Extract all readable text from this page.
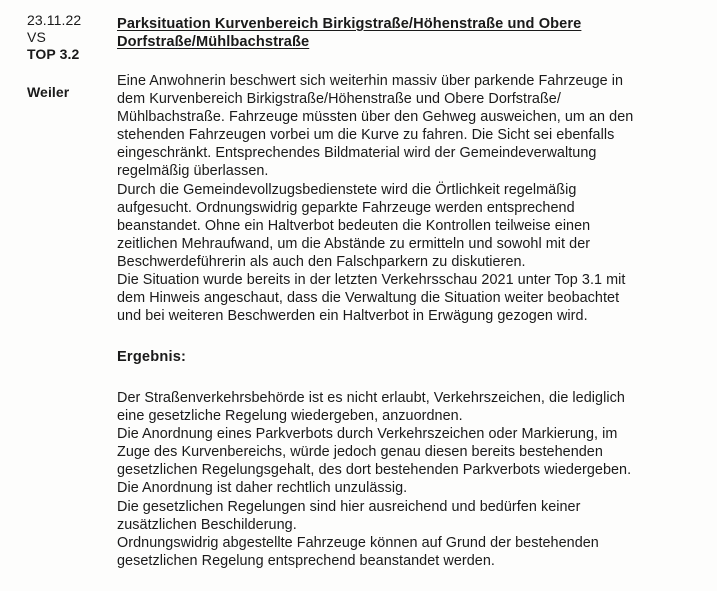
23.11.22
VS
TOP 3.2
Weiler
Parksituation Kurvenbereich Birkigstraße/Höhenstraße und Obere
Dorfstraße/Mühlbachstraße
Eine Anwohnerin beschwert sich weiterhin massiv über parkende Fahrzeuge in
dem Kurvenbereich Birkigstraße/Höhenstraße und Obere Dorfstraße/
Mühlbachstraße. Fahrzeuge müssten über den Gehweg ausweichen, um an den
stehenden Fahrzeugen vorbei um die Kurve zu fahren. Die Sicht sei ebenfalls
eingeschränkt. Entsprechendes Bildmaterial wird der Gemeindeverwaltung
regelmäßig überlassen.
Durch die Gemeindevollzugsbedienstete wird die Örtlichkeit regelmäßig
aufgesucht. Ordnungswidrig geparkte Fahrzeuge werden entsprechend
beanstandet. Ohne ein Haltverbot bedeuten die Kontrollen teilweise einen
zeitlichen Mehraufwand, um die Abstände zu ermitteln und sowohl mit der
Beschwerdeführerin als auch den Falschparkern zu diskutieren.
Die Situation wurde bereits in der letzten Verkehrsschau 2021 unter Top 3.1 mit
dem Hinweis angeschaut, dass die Verwaltung die Situation weiter beobachtet
und bei weiteren Beschwerden ein Haltverbot in Erwägung gezogen wird.
Ergebnis:
Der Straßenverkehrsbehörde ist es nicht erlaubt, Verkehrszeichen, die lediglich
eine gesetzliche Regelung wiedergeben, anzuordnen.
Die Anordnung eines Parkverbots durch Verkehrszeichen oder Markierung, im
Zuge des Kurvenbereichs, würde jedoch genau diesen bereits bestehenden
gesetzlichen Regelungsgehalt, des dort bestehenden Parkverbots wiedergeben.
Die Anordnung ist daher rechtlich unzulässig.
Die gesetzlichen Regelungen sind hier ausreichend und bedürfen keiner
zusätzlichen Beschilderung.
Ordnungswidrig abgestellte Fahrzeuge können auf Grund der bestehenden
gesetzlichen Regelung entsprechend beanstandet werden.
